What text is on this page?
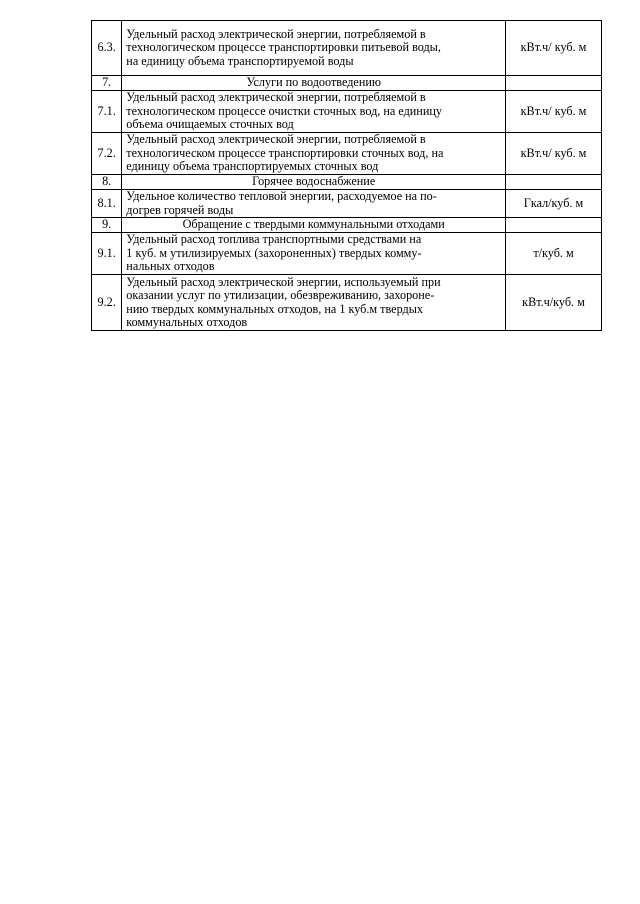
6.3.	Удельный расход электрической энергии, потребляемой в
технологическом процессе транспортировки питьевой воды,
на единицу объема транспортируемой воды	кВт.ч/ куб. м
7.	Услуги по водоотведению	
7.1.	Удельный расход электрической энергии, потребляемой в
технологическом процессе очистки сточных вод, на единицу
объема очищаемых сточных вод	кВт.ч/ куб. м
7.2.	Удельный расход электрической энергии, потребляемой в
технологическом процессе транспортировки сточных вод, на
единицу объема транспортируемых сточных вод	кВт.ч/ куб. м
8.	Горячее водоснабжение	
8.1.	Удельное количество тепловой энергии, расходуемое на по-
догрев горячей воды	Гкал/куб. м
9.	Обращение с твердыми коммунальными отходами	
9.1.	Удельный расход топлива транспортными средствами на
1 куб. м утилизируемых (захороненных) твердых комму-
нальных отходов	т/куб. м
9.2.	Удельный расход электрической энергии, используемый при
оказании услуг по утилизации, обезвреживанию, захороне-
нию твердых коммунальных отходов, на 1 куб.м твердых
коммунальных отходов	кВт.ч/куб. м
